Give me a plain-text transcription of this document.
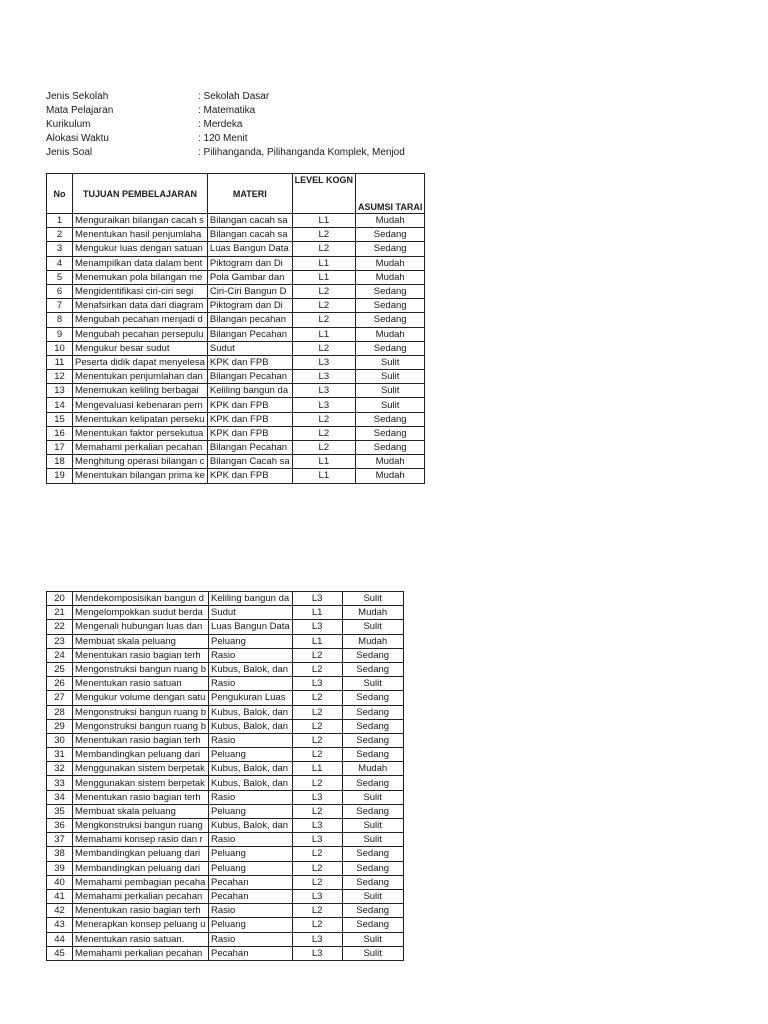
Jenis Sekolah	: Sekolah Dasar
Mata Pelajaran	: Matematika
Kurikulum	: Merdeka
Alokasi Waktu	: 120 Menit
Jenis Soal	: Pilihanganda, Pilihanganda Komplek, Menjod
No	TUJUAN PEMBELAJARAN	MATERI	LEVEL KOGN	ASUMSI TARAI
1	Menguraikan bilangan cacah s	Bilangan cacah sa	L1	Mudah
2	Menentukan hasil penjumlaha	Bilangan cacah sa	L2	Sedang
3	Mengukur luas dengan satuan	Luas Bangun Data	L2	Sedang
4	Menampilkan data dalam bent	Piktogram dan Di	L1	Mudah
5	Menemukan pola bilangan me	Pola Gambar dan	L1	Mudah
6	Mengidentifikasi ciri-ciri segi	Ciri-Ciri Bangun D	L2	Sedang
7	Menafsirkan data dari diagram	Piktogram dan Di	L2	Sedang
8	Mengubah pecahan menjadi d	Bilangan pecahan	L2	Sedang
9	Mengubah pecahan persepulu	Bilangan Pecahan	L1	Mudah
10	Mengukur besar sudut	Sudut	L2	Sedang
11	Peserta didik dapat menyelesa	KPK dan FPB	L3	Sulit
12	Menentukan penjumlahan dan	Bilangan Pecahan	L3	Sulit
13	Menemukan keliling berbagai	Keliling bangun da	L3	Sulit
14	Mengevaluasi kebenaran pern	KPK dan FPB	L3	Sulit
15	Menentukan kelipatan perseku	KPK dan FPB	L2	Sedang
16	Menentukan faktor persekutua	KPK dan FPB	L2	Sedang
17	Memahami perkalian pecahan	Bilangan Pecahan	L2	Sedang
18	Menghitung operasi bilangan c	Bilangan Cacah sa	L1	Mudah
19	Menentukan bilangan prima ke	KPK dan FPB	L1	Mudah
20	Mendekomposisikan bangun d	Keliling bangun da	L3	Sulit
21	Mengelompokkan sudut berda	Sudut	L1	Mudah
22	Mengenali hubungan luas dan	Luas Bangun Data	L3	Sulit
23	Membuat skala peluang	Peluang	L1	Mudah
24	Menentukan rasio bagian terh	Rasio	L2	Sedang
25	Mengonstruksi bangun ruang b	Kubus, Balok, dan	L2	Sedang
26	Menentukan rasio satuan	Rasio	L3	Sulit
27	Mengukur volume dengan satu	Pengukuran Luas	L2	Sedang
28	Mengonstruksi bangun ruang b	Kubus, Balok, dan	L2	Sedang
29	Mengonstruksi bangun ruang b	Kubus, Balok, dan	L2	Sedang
30	Menentukan rasio bagian terh	Rasio	L2	Sedang
31	Membandingkan peluang dari	Peluang	L2	Sedang
32	Menggunakan sistem berpetak	Kubus, Balok, dan	L1	Mudah
33	Menggunakan sistem berpetak	Kubus, Balok, dan	L2	Sedang
34	Menentukan rasio bagian terh	Rasio	L3	Sulit
35	Membuat skala peluang	Peluang	L2	Sedang
36	Mengkonstruksi bangun ruang	Kubus, Balok, dan	L3	Sulit
37	Memahami konsep rasio dan r	Rasio	L3	Sulit
38	Membandingkan peluang dari	Peluang	L2	Sedang
39	Membandingkan peluang dari	Peluang	L2	Sedang
40	Memahami pembagian pecaha	Pecahan	L2	Sedang
41	Memahami perkalian pecahan	Pecahan	L3	Sulit
42	Menentukan rasio bagian terh	Rasio	L2	Sedang
43	Menerapkan konsep peluang u	Peluang	L2	Sedang
44	Menentukan rasio satuan.	Rasio	L3	Sulit
45	Memahami perkalian pecahan	Pecahan	L3	Sulit
